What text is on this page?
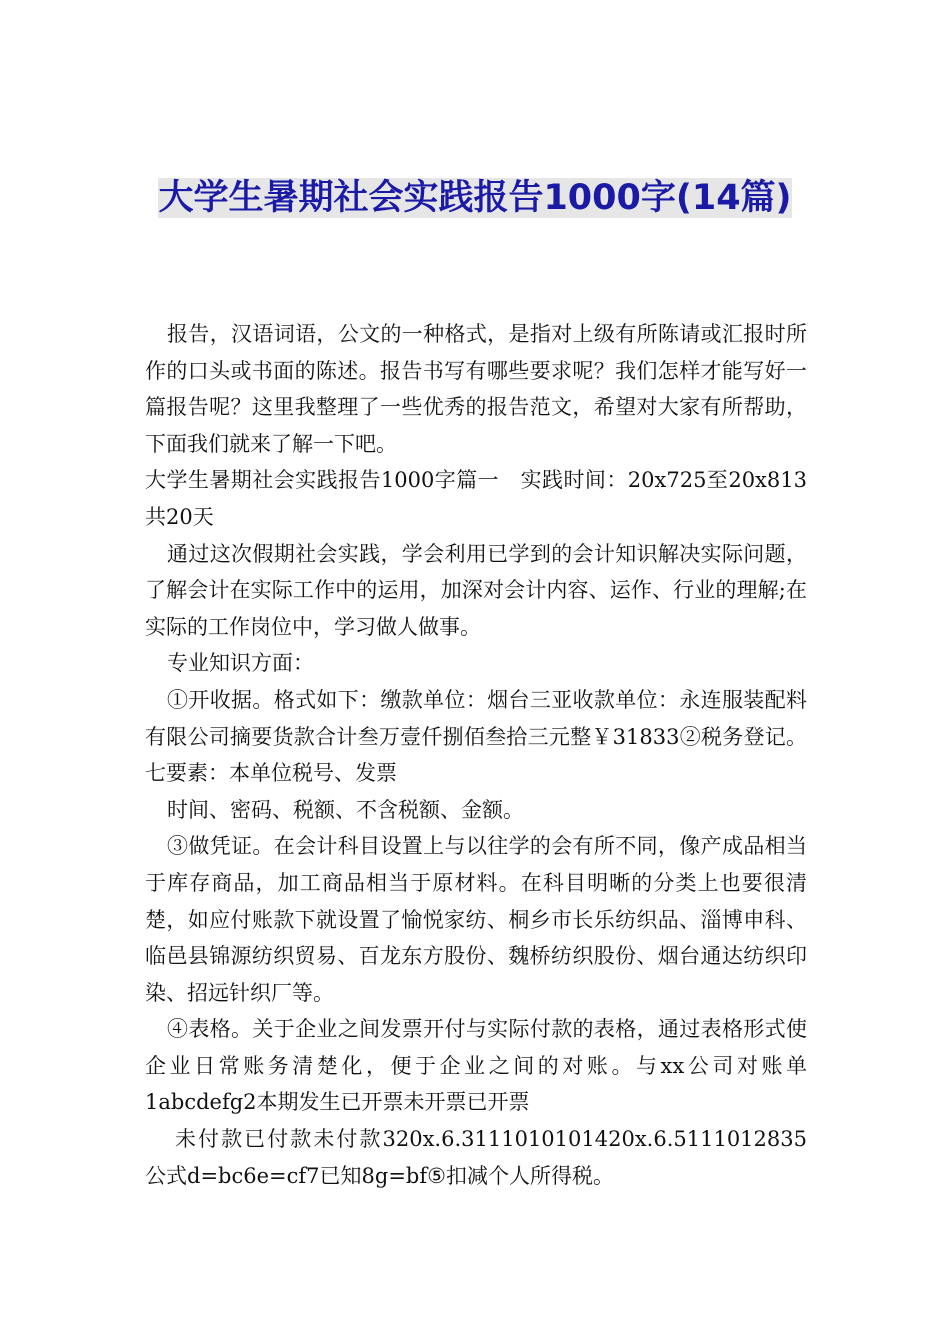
大学生暑期社会实践报告1000字(14篇)

报告，汉语词语，公文的一种格式，是指对上级有所陈请或汇报时所作的口头或书面的陈述。报告书写有哪些要求呢？我们怎样才能写好一篇报告呢？这里我整理了一些优秀的报告范文，希望对大家有所帮助，下面我们就来了解一下吧。

大学生暑期社会实践报告1000字篇一　实践时间：20x725至20x813共20天

通过这次假期社会实践，学会利用已学到的会计知识解决实际问题，了解会计在实际工作中的运用，加深对会计内容、运作、行业的理解;在实际的工作岗位中，学习做人做事。

专业知识方面：

①开收据。格式如下：缴款单位：烟台三亚收款单位：永连服装配料有限公司摘要货款合计叁万壹仟捌佰叁拾三元整￥31833②税务登记。七要素：本单位税号、发票

时间、密码、税额、不含税额、金额。

③做凭证。在会计科目设置上与以往学的会有所不同，像产成品相当于库存商品，加工商品相当于原材料。在科目明晰的分类上也要很清楚，如应付账款下就设置了愉悦家纺、桐乡市长乐纺织品、淄博申科、临邑县锦源纺织贸易、百龙东方股份、魏桥纺织股份、烟台通达纺织印染、招远针织厂等。

④表格。关于企业之间发票开付与实际付款的表格，通过表格形式使企业日常账务清楚化，便于企业之间的对账。与xx公司对账单1abcdefg2本期发生已开票未开票已开票

未付款已付款未付款320x.6.3111010101420x.6.5111012835公式d=bc6e=cf7已知8g=bf⑤扣减个人所得税。
